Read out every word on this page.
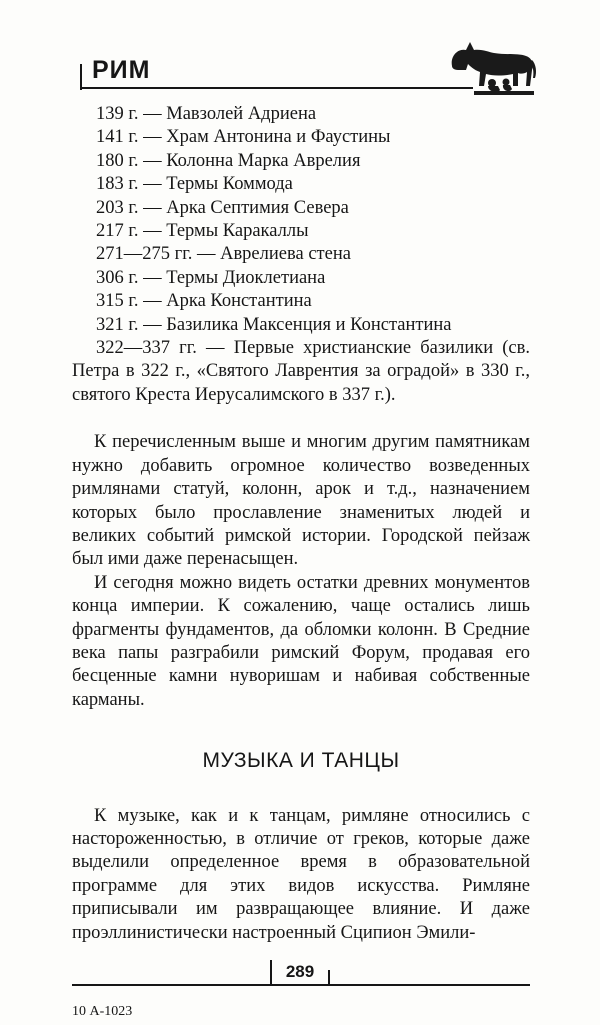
РИМ
139 г. — Мавзолей Адриена
141 г. — Храм Антонина и Фаустины
180 г. — Колонна Марка Аврелия
183 г. — Термы Коммода
203 г. — Арка Септимия Севера
217 г. — Термы Каракаллы
271—275 гг. — Аврелиева стена
306 г. — Термы Диоклетиана
315 г. — Арка Константина
321 г. — Базилика Максенция и Константина
322—337 гг. — Первые христианские базилики (св. Петра в 322 г., «Святого Лаврентия за оградой» в 330 г., святого Креста Иерусалимского в 337 г.).

К перечисленным выше и многим другим памятникам нужно добавить огромное количество возведенных римлянами статуй, колонн, арок и т.д., назначением которых было прославление знаменитых людей и великих событий римской истории. Городской пейзаж был ими даже перенасыщен.

И сегодня можно видеть остатки древних монументов конца империи. К сожалению, чаще остались лишь фрагменты фундаментов, да обломки колонн. В Средние века папы разграбили римский Форум, продавая его бесценные камни нуворишам и набивая собственные карманы.

МУЗЫКА И ТАНЦЫ

К музыке, как и к танцам, римляне относились с настороженностью, в отличие от греков, которые даже выделили определенное время в образовательной программе для этих видов искусства. Римляне приписывали им развращающее влияние. И даже проэллинистически настроенный Сципион Эмили-

289
10 А-1023
